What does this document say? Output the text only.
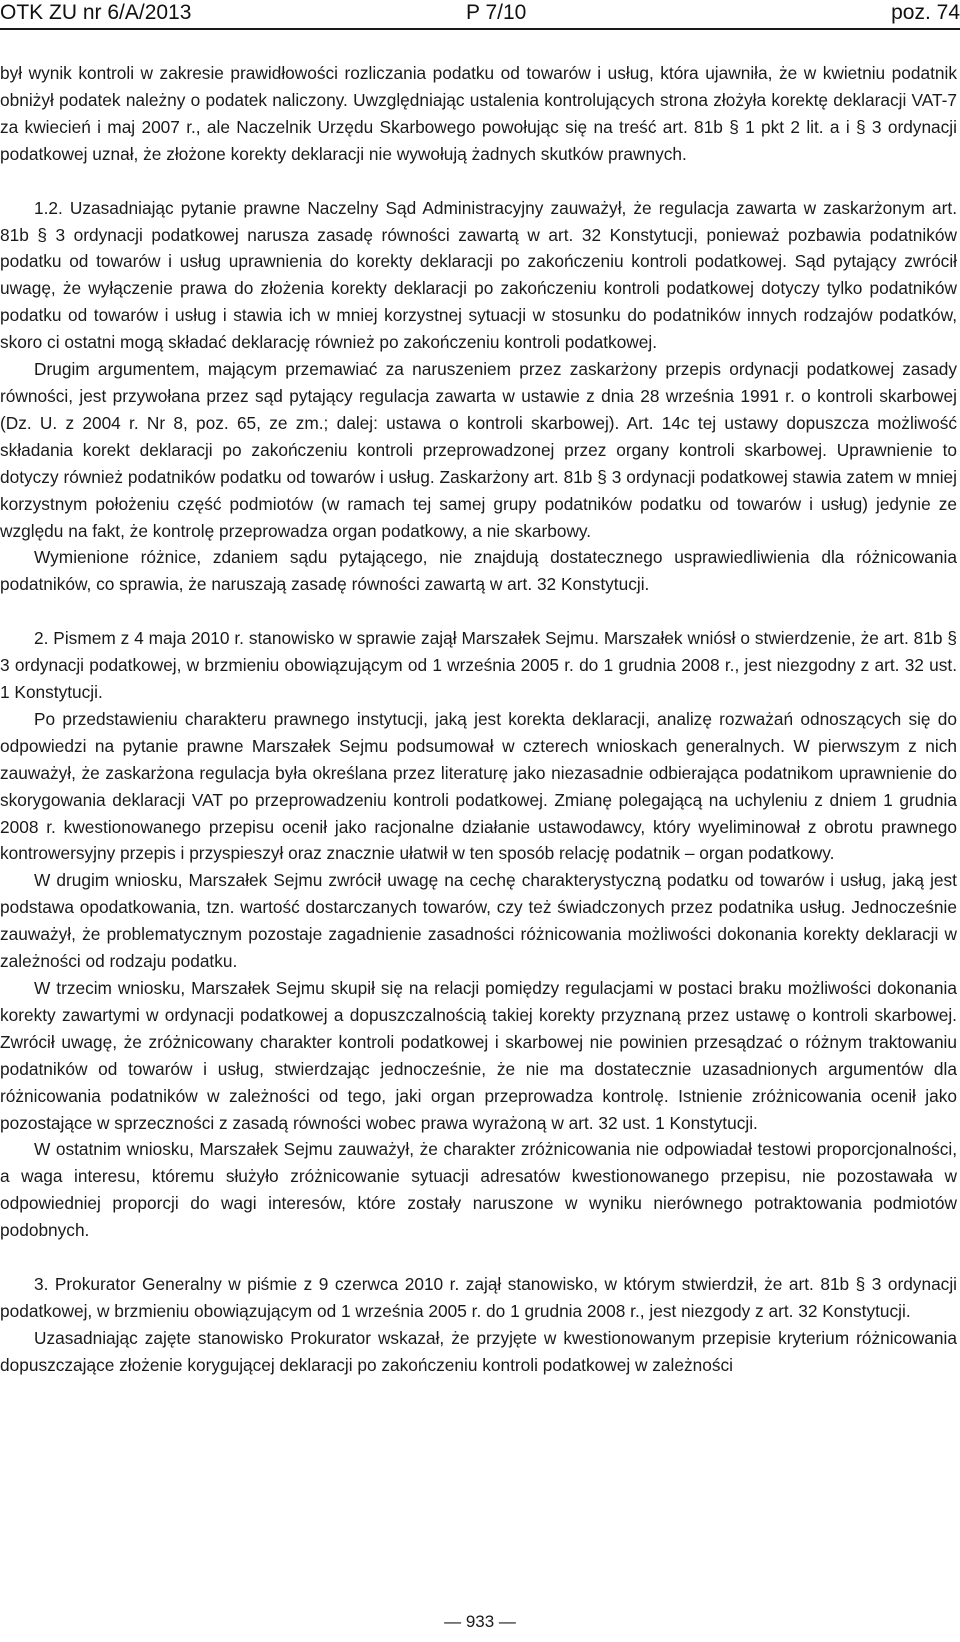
OTK ZU nr 6/A/2013	P 7/10	poz. 74

był wynik kontroli w zakresie prawidłowości rozliczania podatku od towarów i usług, która ujawniła, że w kwietniu podatnik obniżył podatek należny o podatek naliczony. Uwzględniając ustalenia kontrolujących strona złożyła korektę deklaracji VAT-7 za kwiecień i maj 2007 r., ale Naczelnik Urzędu Skarbowego powołując się na treść art. 81b § 1 pkt 2 lit. a i § 3 ordynacji podatkowej uznał, że złożone korekty deklaracji nie wywołują żadnych skutków prawnych.

1.2. Uzasadniając pytanie prawne Naczelny Sąd Administracyjny zauważył, że regulacja zawarta w zaskarżonym art. 81b § 3 ordynacji podatkowej narusza zasadę równości zawartą w art. 32 Konstytucji, ponieważ pozbawia podatników podatku od towarów i usług uprawnienia do korekty deklaracji po zakończeniu kontroli podatkowej. Sąd pytający zwrócił uwagę, że wyłączenie prawa do złożenia korekty deklaracji po zakończeniu kontroli podatkowej dotyczy tylko podatników podatku od towarów i usług i stawia ich w mniej korzystnej sytuacji w stosunku do podatników innych rodzajów podatków, skoro ci ostatni mogą składać deklarację również po zakończeniu kontroli podatkowej.

Drugim argumentem, mającym przemawiać za naruszeniem przez zaskarżony przepis ordynacji podatkowej zasady równości, jest przywołana przez sąd pytający regulacja zawarta w ustawie z dnia 28 września 1991 r. o kontroli skarbowej (Dz. U. z 2004 r. Nr 8, poz. 65, ze zm.; dalej: ustawa o kontroli skarbowej). Art. 14c tej ustawy dopuszcza możliwość składania korekt deklaracji po zakończeniu kontroli przeprowadzonej przez organy kontroli skarbowej. Uprawnienie to dotyczy również podatników podatku od towarów i usług. Zaskarżony art. 81b § 3 ordynacji podatkowej stawia zatem w mniej korzystnym położeniu część podmiotów (w ramach tej samej grupy podatników podatku od towarów i usług) jedynie ze względu na fakt, że kontrolę przeprowadza organ podatkowy, a nie skarbowy.

Wymienione różnice, zdaniem sądu pytającego, nie znajdują dostatecznego usprawiedliwienia dla różnicowania podatników, co sprawia, że naruszają zasadę równości zawartą w art. 32 Konstytucji.

2. Pismem z 4 maja 2010 r. stanowisko w sprawie zajął Marszałek Sejmu. Marszałek wniósł o stwierdzenie, że art. 81b § 3 ordynacji podatkowej, w brzmieniu obowiązującym od 1 września 2005 r. do 1 grudnia 2008 r., jest niezgodny z art. 32 ust. 1 Konstytucji.

Po przedstawieniu charakteru prawnego instytucji, jaką jest korekta deklaracji, analizę rozważań odnoszących się do odpowiedzi na pytanie prawne Marszałek Sejmu podsumował w czterech wnioskach generalnych. W pierwszym z nich zauważył, że zaskarżona regulacja była określana przez literaturę jako niezasadnie odbierająca podatnikom uprawnienie do skorygowania deklaracji VAT po przeprowadzeniu kontroli podatkowej. Zmianę polegającą na uchyleniu z dniem 1 grudnia 2008 r. kwestionowanego przepisu ocenił jako racjonalne działanie ustawodawcy, który wyeliminował z obrotu prawnego kontrowersyjny przepis i przyspieszył oraz znacznie ułatwił w ten sposób relację podatnik – organ podatkowy.

W drugim wniosku, Marszałek Sejmu zwrócił uwagę na cechę charakterystyczną podatku od towarów i usług, jaką jest podstawa opodatkowania, tzn. wartość dostarczanych towarów, czy też świadczonych przez podatnika usług. Jednocześnie zauważył, że problematycznym pozostaje zagadnienie zasadności różnicowania możliwości dokonania korekty deklaracji w zależności od rodzaju podatku.

W trzecim wniosku, Marszałek Sejmu skupił się na relacji pomiędzy regulacjami w postaci braku możliwości dokonania korekty zawartymi w ordynacji podatkowej a dopuszczalnością takiej korekty przyznaną przez ustawę o kontroli skarbowej. Zwrócił uwagę, że zróżnicowany charakter kontroli podatkowej i skarbowej nie powinien przesądzać o różnym traktowaniu podatników od towarów i usług, stwierdzając jednocześnie, że nie ma dostatecznie uzasadnionych argumentów dla różnicowania podatników w zależności od tego, jaki organ przeprowadza kontrolę. Istnienie zróżnicowania ocenił jako pozostające w sprzeczności z zasadą równości wobec prawa wyrażoną w art. 32 ust. 1 Konstytucji.

W ostatnim wniosku, Marszałek Sejmu zauważył, że charakter zróżnicowania nie odpowiadał testowi proporcjonalności, a waga interesu, któremu służyło zróżnicowanie sytuacji adresatów kwestionowanego przepisu, nie pozostawała w odpowiedniej proporcji do wagi interesów, które zostały naruszone w wyniku nierównego potraktowania podmiotów podobnych.

3. Prokurator Generalny w piśmie z 9 czerwca 2010 r. zajął stanowisko, w którym stwierdził, że art. 81b § 3 ordynacji podatkowej, w brzmieniu obowiązującym od 1 września 2005 r. do 1 grudnia 2008 r., jest niezgody z art. 32 Konstytucji.

Uzasadniając zajęte stanowisko Prokurator wskazał, że przyjęte w kwestionowanym przepisie kryterium różnicowania dopuszczające złożenie korygującej deklaracji po zakończeniu kontroli podatkowej w zależności

— 933 —
